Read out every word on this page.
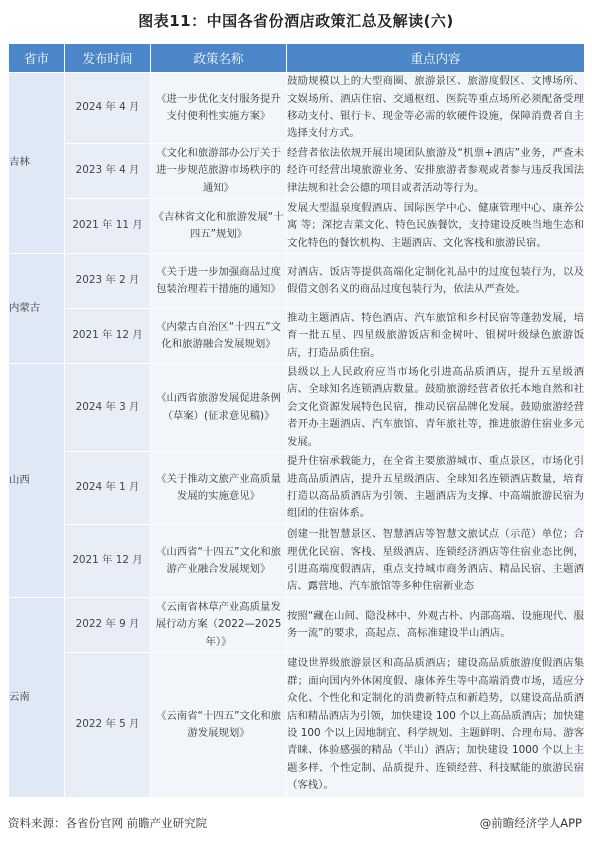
图表11：中国各省份酒店政策汇总及解读(六)
省市	发布时间	政策名称	重点内容
吉林	2024 年 4 月	《进一步优化支付服务提升支付便利性实施方案》	鼓励规模以上的大型商圈、旅游景区、旅游度假区、文博场所、文娱场所、酒店住宿、交通枢纽、医院等重点场所必须配备受理移动支付、银行卡、现金等必需的软硬件设施，保障消费者自主选择支付方式。
	2023 年 4 月	《文化和旅游部办公厅关于进一步规范旅游市场秩序的通知》	经营者依法依规开展出境团队旅游及“机票+酒店”业务，严查未经许可经营出境旅游业务、安排旅游者参观或者参与违反我国法律法规和社会公德的项目或者活动等行为。
	2021 年 11 月	《吉林省文化和旅游发展“十四五”规划》	发展大型温泉度假酒店、国际医学中心、健康管理中心、康养公寓 等；深挖吉菜文化、特色民族餐饮，支持建设反映当地生态和文化特色的餐饮机构、主题酒店、文化客栈和旅游民宿。
内蒙古	2023 年 2 月	《关于进一步加强商品过度包装治理若干措施的通知》	对酒店、饭店等提供高端化定制化礼品中的过度包装行为，以及假借文创名义的商品过度包装行为，依法从严查处。
	2021 年 12 月	《内蒙古自治区“十四五”文化和旅游融合发展规划》	推动主题酒店、特色酒店、汽车旅馆和乡村民宿等蓬勃发展，培育一批五星、四星级旅游饭店和金树叶、银树叶级绿色旅游饭店，打造品质住宿。
山西	2024 年 3 月	《山西省旅游发展促进条例（草案）(征求意见稿)》	县级以上人民政府应当市场化引进高品质酒店，提升五星级酒店、全球知名连锁酒店数量。鼓励旅游经营者依托本地自然和社会文化资源发展特色民宿，推动民宿品牌化发展。鼓励旅游经营者开办主题酒店、汽车旅馆、青年旅社等，推进旅游住宿业多元发展。
	2024 年 1 月	《关于推动文旅产业高质量发展的实施意见》	提升住宿承载能力，在全省主要旅游城市、重点景区，市场化引进高品质酒店，提升五星级酒店、全球知名连锁酒店数量，培育打造以高品质酒店为引领、主题酒店为支撑、中高端旅游民宿为组团的住宿体系。
	2021 年 12 月	《山西省“十四五”文化和旅游产业融合发展规划》	创建一批智慧景区、智慧酒店等智慧文旅试点（示范）单位；合理优化民宿、客栈、星级酒店、连锁经济酒店等住宿业态比例，引进高端度假酒店，重点支持城市商务酒店、精品民宿、主题酒店、露营地、汽车旅馆等多种住宿新业态
云南	2022 年 9 月	《云南省林草产业高质量发展行动方案（2022—2025 年）》	按照“藏在山间、隐没林中、外观古朴、内部高端、设施现代、服务一流”的要求，高起点、高标准建设半山酒店。
	2022 年 5 月	《云南省“十四五”文化和旅游发展规划》	建设世界级旅游景区和高品质酒店；建设高品质旅游度假酒店集群；面向国内外休闲度假、康体养生等中高端消费市场，适应分众化、个性化和定制化的消费新特点和新趋势，以建设高品质酒店和精品酒店为引领，加快建设 100 个以上高品质酒店；加快建设 100 个以上因地制宜、科学规划、主题鲜明、合理布局、游客青睐、体验感强的精品（半山）酒店；加快建设 1000 个以上主题多样、个性定制、品质提升、连锁经营、科技赋能的旅游民宿（客栈）。
资料来源：各省份官网 前瞻产业研究院	@前瞻经济学人APP
